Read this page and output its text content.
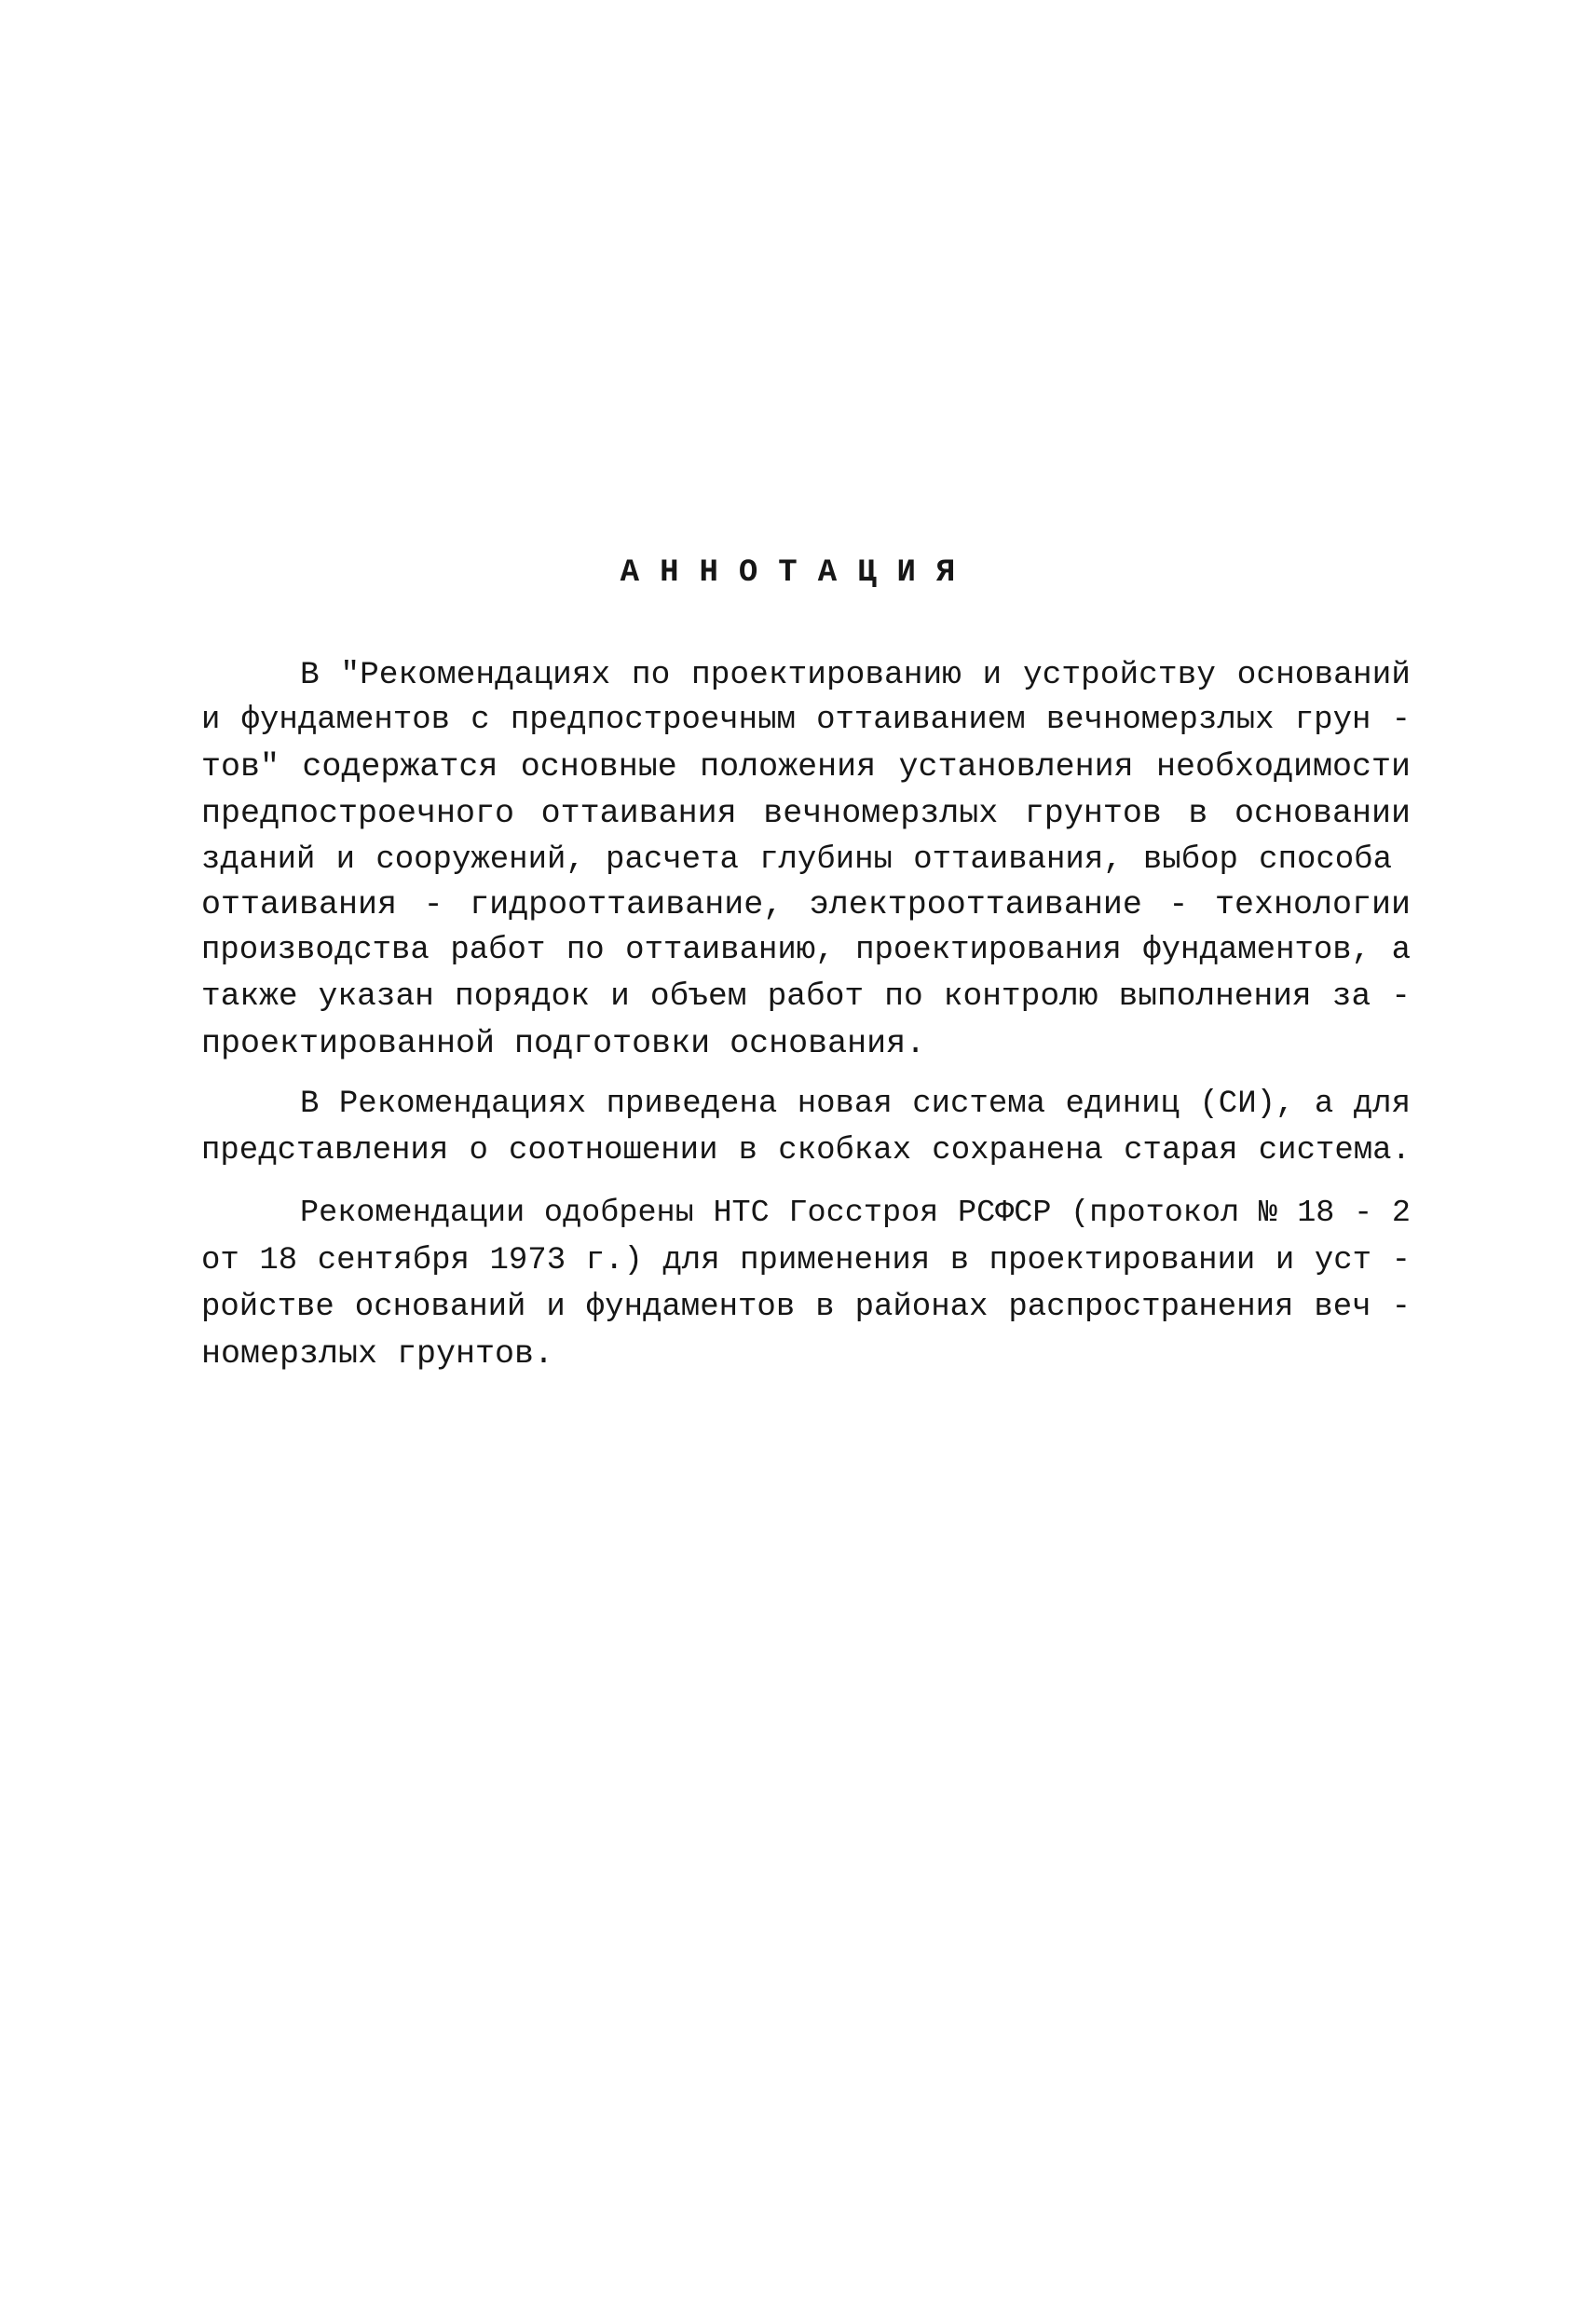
АННОТАЦИЯ
В "Рекомендациях по проектированию и устройству оснований
и фундаментов с предпостроечным оттаиванием вечномерзлых грун -
тов" содержатся основные положения установления необходимости
предпостроечного оттаивания вечномерзлых грунтов в основании
зданий и сооружений, расчета глубины оттаивания, выбор способа
оттаивания - гидрооттаивание, электрооттаивание - технологии
производства работ по оттаиванию, проектирования фундаментов, а
также указан порядок и объем работ по контролю выполнения за -
проектированной подготовки основания.
В Рекомендациях приведена новая система единиц (СИ), а для
представления о соотношении в скобках сохранена старая система.
Рекомендации одобрены НТС Госстроя РСФСР (протокол № 18 - 2
от 18 сентября 1973 г.) для применения в проектировании и уст -
ройстве оснований и фундаментов в районах распространения веч -
номерзлых грунтов.
